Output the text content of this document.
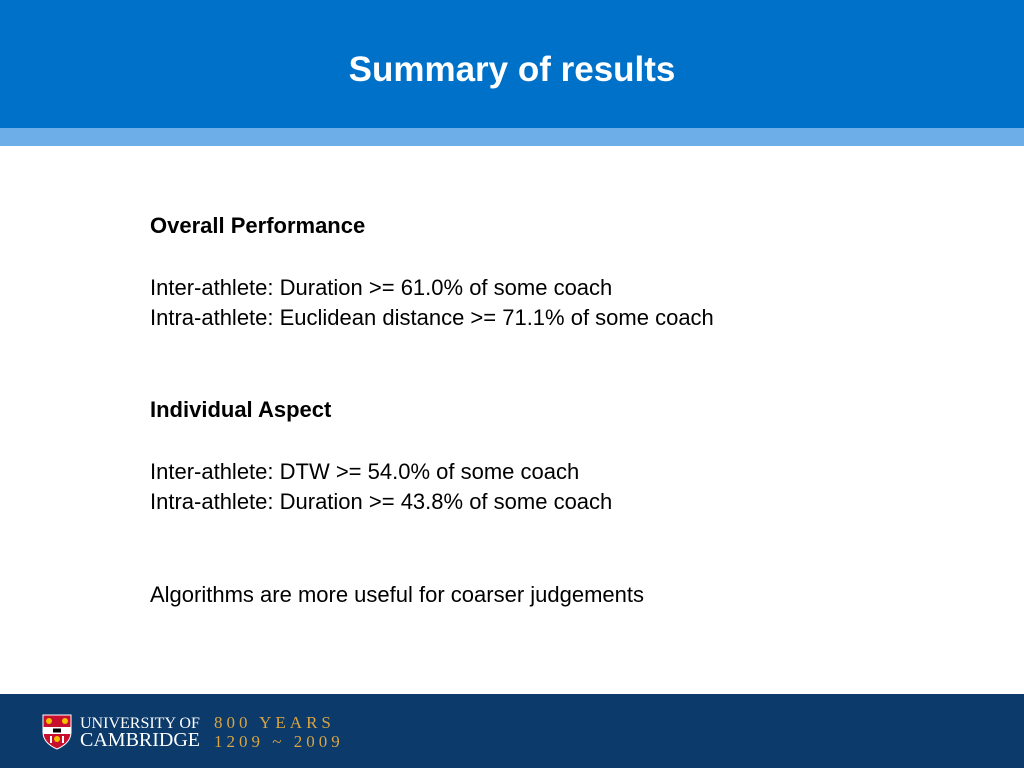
Summary of results
Overall Performance
Inter-athlete: Duration >= 61.0% of some coach
Intra-athlete: Euclidean distance >= 71.1% of some coach
Individual Aspect
Inter-athlete: DTW >= 54.0% of some coach
Intra-athlete: Duration >= 43.8% of some coach
Algorithms are more useful for coarser judgements
UNIVERSITY OF
CAMBRIDGE
800 YEARS
1209 ~ 2009
